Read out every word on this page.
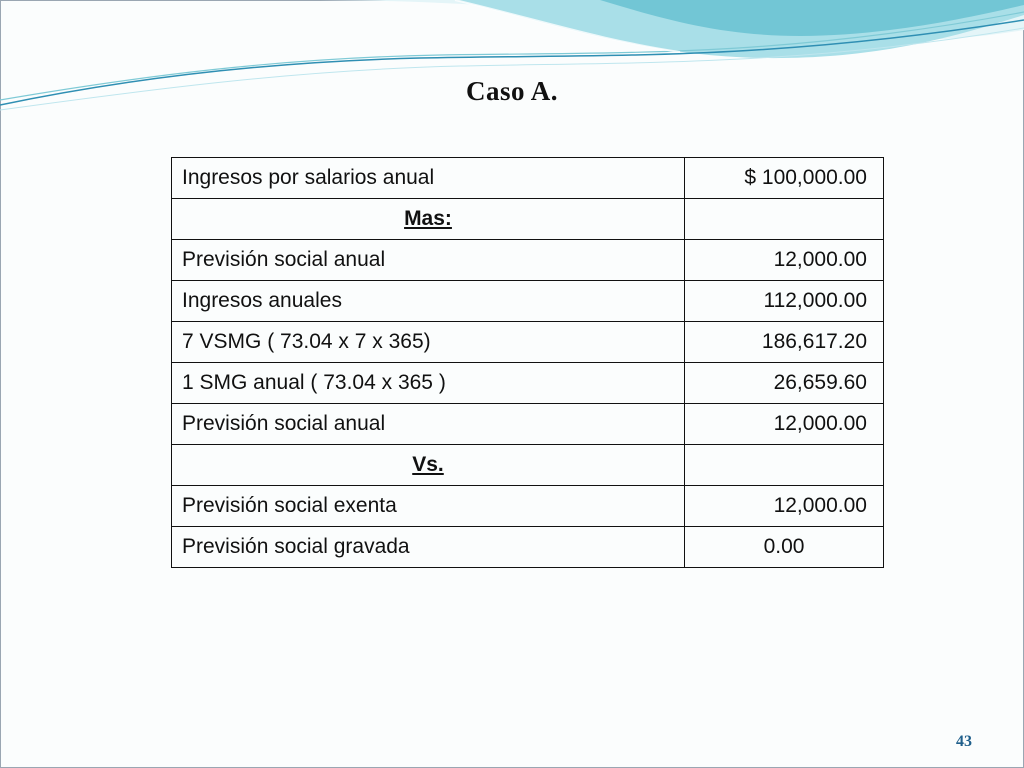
Caso A.
Ingresos por salarios anual	$ 100,000.00
Mas:	
Previsión social anual	12,000.00
Ingresos anuales	112,000.00
7 VSMG ( 73.04 x 7 x 365)	186,617.20
1 SMG anual ( 73.04 x 365 )	26,659.60
Previsión social anual	12,000.00
Vs.	
Previsión social exenta	12,000.00
Previsión social gravada	0.00
43
